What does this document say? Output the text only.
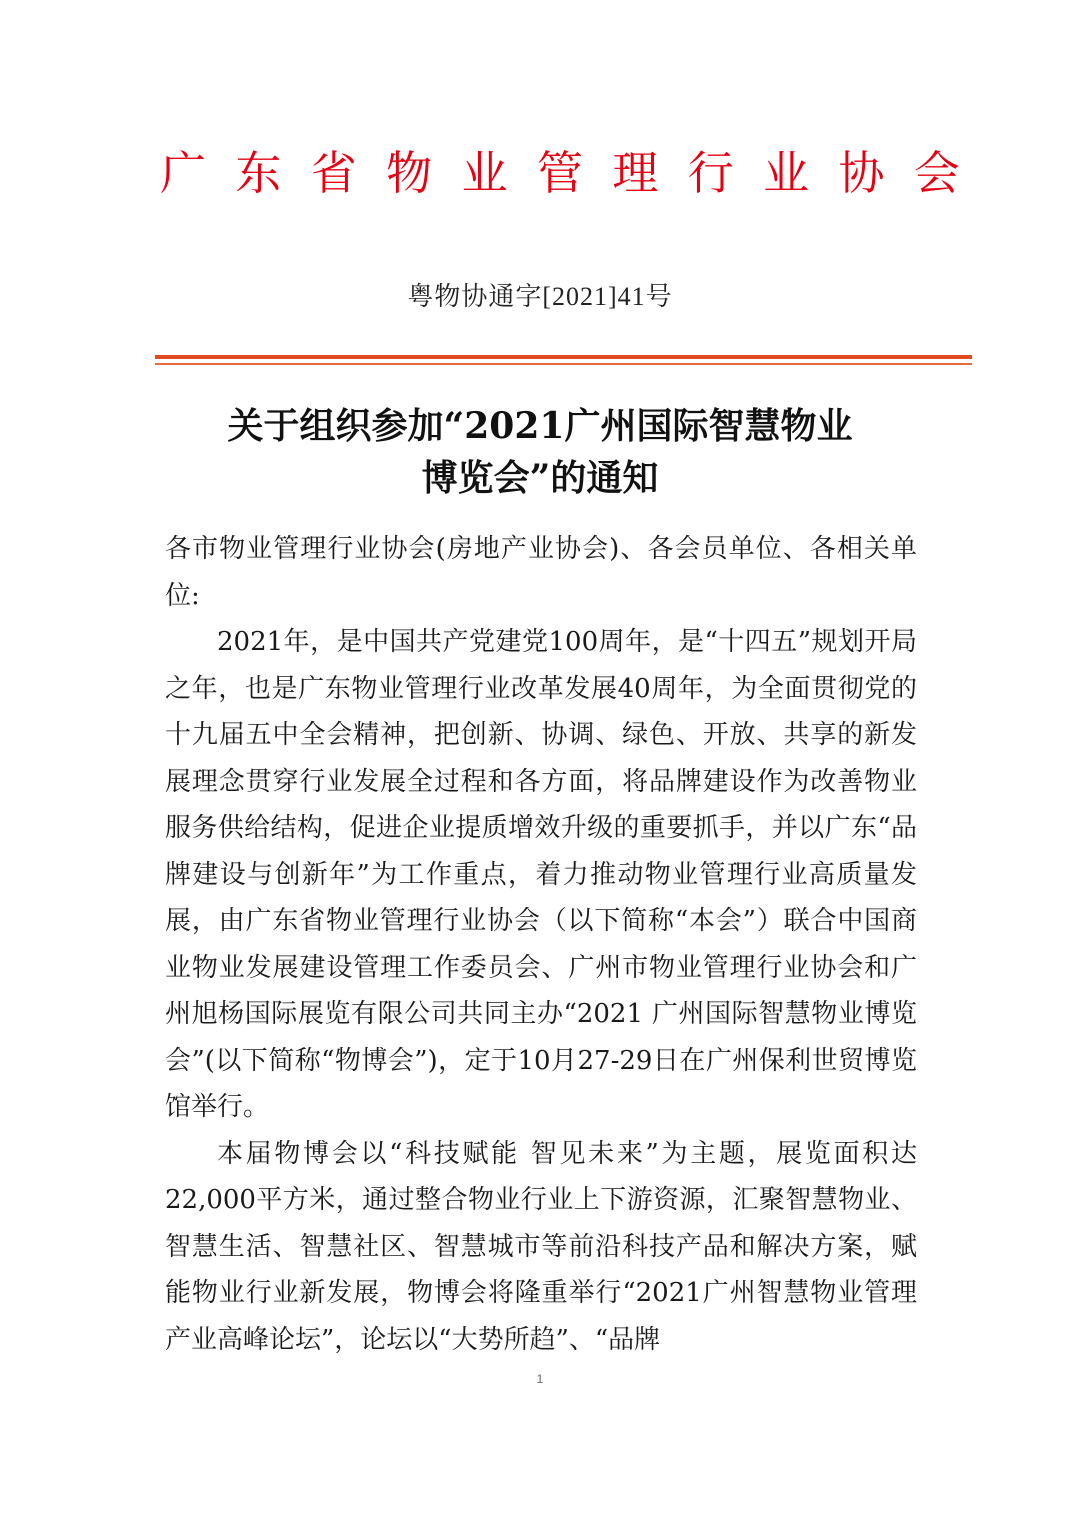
广 东 省 物 业 管 理 行 业 协 会
粤物协通字[2021]41号
关于组织参加“2021广州国际智慧物业
博览会”的通知

各市物业管理行业协会(房地产业协会)、各会员单位、各相关单位:

2021年，是中国共产党建党100周年，是“十四五”规划开局之年，也是广东物业管理行业改革发展40周年，为全面贯彻党的十九届五中全会精神，把创新、协调、绿色、开放、共享的新发展理念贯穿行业发展全过程和各方面，将品牌建设作为改善物业服务供给结构，促进企业提质增效升级的重要抓手，并以广东“品牌建设与创新年”为工作重点，着力推动物业管理行业高质量发展，由广东省物业管理行业协会（以下简称“本会”）联合中国商业物业发展建设管理工作委员会、广州市物业管理行业协会和广州旭杨国际展览有限公司共同主办“2021 广州国际智慧物业博览会”(以下简称“物博会”)，定于10月27-29日在广州保利世贸博览馆举行。

本届物博会以“科技赋能 智见未来”为主题，展览面积达22,000平方米，通过整合物业行业上下游资源，汇聚智慧物业、智慧生活、智慧社区、智慧城市等前沿科技产品和解决方案，赋能物业行业新发展，物博会将隆重举行“2021广州智慧物业管理产业高峰论坛”，论坛以“大势所趋”、“品牌

1
